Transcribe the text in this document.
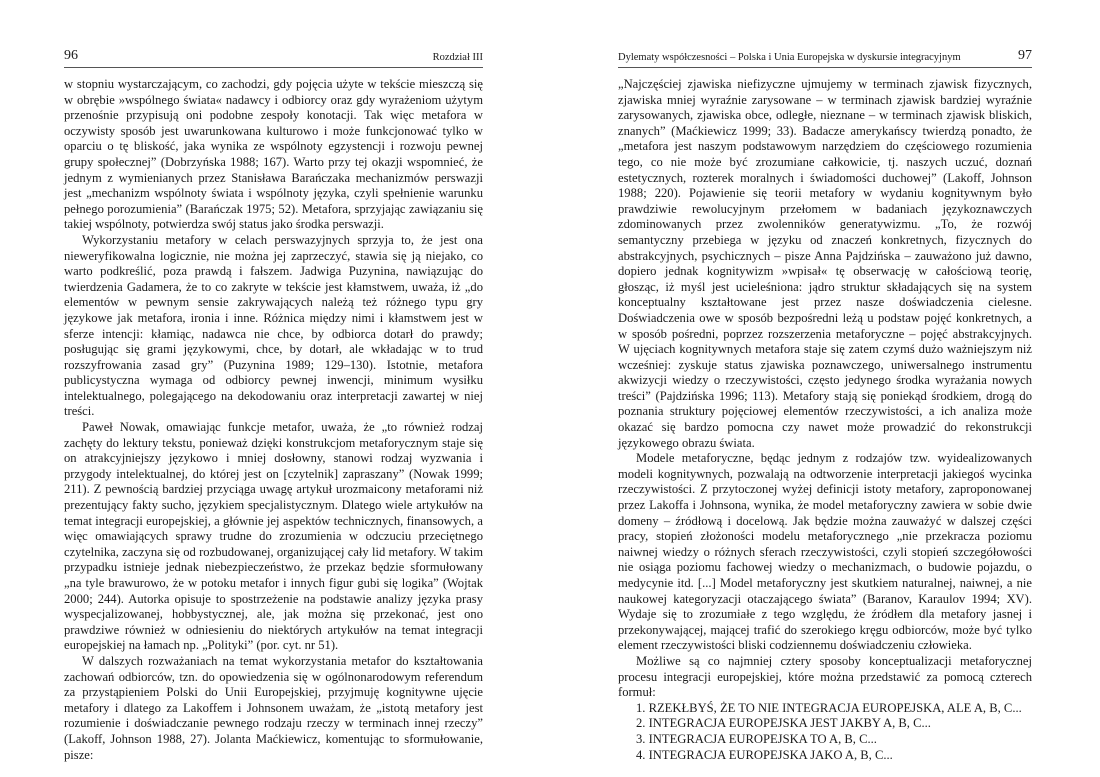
96	Rozdział III

w stopniu wystarczającym, co zachodzi, gdy pojęcia użyte w tekście mieszczą się w obrębie »wspólnego świata« nadawcy i odbiorcy oraz gdy wyrażeniom użytym przenośnie przypisują oni podobne zespoły konotacji. Tak więc metafora w oczywisty sposób jest uwarunkowana kulturowo i może funkcjonować tylko w oparciu o tę bliskość, jaka wynika ze wspólnoty egzystencji i rozwoju pewnej grupy społecznej” (Dobrzyńska 1988; 167). Warto przy tej okazji wspomnieć, że jednym z wymienianych przez Stanisława Barańczaka mechanizmów perswazji jest „mechanizm wspólnoty świata i wspólnoty języka, czyli spełnienie warunku pełnego porozumienia” (Barańczak 1975; 52). Metafora, sprzyjając zawiązaniu się takiej wspólnoty, potwierdza swój status jako środka perswazji.

Wykorzystaniu metafory w celach perswazyjnych sprzyja to, że jest ona nieweryfikowalna logicznie, nie można jej zaprzeczyć, stawia się ją niejako, co warto podkreślić, poza prawdą i fałszem. Jadwiga Puzynina, nawiązując do twierdzenia Gadamera, że to co zakryte w tekście jest kłamstwem, uważa, iż „do elementów w pewnym sensie zakrywających należą też różnego typu gry językowe jak metafora, ironia i inne. Różnica między nimi i kłamstwem jest w sferze intencji: kłamiąc, nadawca nie chce, by odbiorca dotarł do prawdy; posługując się grami językowymi, chce, by dotarł, ale wkładając w to trud rozszyfrowania zasad gry” (Puzynina 1989; 129–130). Istotnie, metafora publicystyczna wymaga od odbiorcy pewnej inwencji, minimum wysiłku intelektualnego, polegającego na dekodowaniu oraz interpretacji zawartej w niej treści.

Paweł Nowak, omawiając funkcje metafor, uważa, że „to również rodzaj zachęty do lektury tekstu, ponieważ dzięki konstrukcjom metaforycznym staje się on atrakcyjniejszy językowo i mniej dosłowny, stanowi rodzaj wyzwania i przygody intelektualnej, do której jest on [czytelnik] zapraszany” (Nowak 1999; 211). Z pewnością bardziej przyciąga uwagę artykuł urozmaicony metaforami niż prezentujący fakty sucho, językiem specjalistycznym. Dlatego wiele artykułów na temat integracji europejskiej, a głównie jej aspektów technicznych, finansowych, a więc omawiających sprawy trudne do zrozumienia w odczuciu przeciętnego czytelnika, zaczyna się od rozbudowanej, organizującej cały lid metafory. W takim przypadku istnieje jednak niebezpieczeństwo, że przekaz będzie sformułowany „na tyle brawurowo, że w potoku metafor i innych figur gubi się logika” (Wojtak 2000; 244). Autorka opisuje to spostrzeżenie na podstawie analizy języka prasy wyspecjalizowanej, hobbystycznej, ale, jak można się przekonać, jest ono prawdziwe również w odniesieniu do niektórych artykułów na temat integracji europejskiej na łamach np. „Polityki” (por. cyt. nr 51).

W dalszych rozważaniach na temat wykorzystania metafor do kształtowania zachowań odbiorców, tzn. do opowiedzenia się w ogólnonarodowym referendum za przystąpieniem Polski do Unii Europejskiej, przyjmuję kognitywne ujęcie metafory i dlatego za Lakoffem i Johnsonem uważam, że „istotą metafory jest rozumienie i doświadczanie pewnego rodzaju rzeczy w terminach innej rzeczy” (Lakoff, Johnson 1988, 27). Jolanta Maćkiewicz, komentując to sformułowanie, pisze:

Dylematy współczesności – Polska i Unia Europejska w dyskursie integracyjnym	97

„Najczęściej zjawiska niefizyczne ujmujemy w terminach zjawisk fizycznych, zjawiska mniej wyraźnie zarysowane – w terminach zjawisk bardziej wyraźnie zarysowanych, zjawiska obce, odległe, nieznane – w terminach zjawisk bliskich, znanych” (Maćkiewicz 1999; 33). Badacze amerykańscy twierdzą ponadto, że „metafora jest naszym podstawowym narzędziem do częściowego rozumienia tego, co nie może być zrozumiane całkowicie, tj. naszych uczuć, doznań estetycznych, rozterek moralnych i świadomości duchowej” (Lakoff, Johnson 1988; 220). Pojawienie się teorii metafory w wydaniu kognitywnym było prawdziwie rewolucyjnym przełomem w badaniach językoznawczych zdominowanych przez zwolenników generatywizmu. „To, że rozwój semantyczny przebiega w języku od znaczeń konkretnych, fizycznych do abstrakcyjnych, psychicznych – pisze Anna Pajdzińska – zauważono już dawno, dopiero jednak kognitywizm »wpisał« tę obserwację w całościową teorię, głosząc, iż myśl jest ucieleśniona: jądro struktur składających się na system konceptualny kształtowane jest przez nasze doświadczenia cielesne. Doświadczenia owe w sposób bezpośredni leżą u podstaw pojęć konkretnych, a w sposób pośredni, poprzez rozszerzenia metaforyczne – pojęć abstrakcyjnych. W ujęciach kognitywnych metafora staje się zatem czymś dużo ważniejszym niż wcześniej: zyskuje status zjawiska poznawczego, uniwersalnego instrumentu akwizycji wiedzy o rzeczywistości, często jedynego środka wyrażania nowych treści” (Pajdzińska 1996; 113). Metafory stają się poniekąd środkiem, drogą do poznania struktury pojęciowej elementów rzeczywistości, a ich analiza może okazać się bardzo pomocna czy nawet może prowadzić do rekonstrukcji językowego obrazu świata.

Modele metaforyczne, będąc jednym z rodzajów tzw. wyidealizowanych modeli kognitywnych, pozwalają na odtworzenie interpretacji jakiegoś wycinka rzeczywistości. Z przytoczonej wyżej definicji istoty metafory, zaproponowanej przez Lakoffa i Johnsona, wynika, że model metaforyczny zawiera w sobie dwie domeny – źródłową i docelową. Jak będzie można zauważyć w dalszej części pracy, stopień złożoności modelu metaforycznego „nie przekracza poziomu naiwnej wiedzy o różnych sferach rzeczywistości, czyli stopień szczegółowości nie osiąga poziomu fachowej wiedzy o mechanizmach, o budowie pojazdu, o medycynie itd. [...] Model metaforyczny jest skutkiem naturalnej, naiwnej, a nie naukowej kategoryzacji otaczającego świata” (Baranov, Karaulov 1994; XV). Wydaje się to zrozumiałe z tego względu, że źródłem dla metafory jasnej i przekonywającej, mającej trafić do szerokiego kręgu odbiorców, może być tylko element rzeczywistości bliski codziennemu doświadczeniu człowieka.

Możliwe są co najmniej cztery sposoby konceptualizacji metaforycznej procesu integracji europejskiej, które można przedstawić za pomocą czterech formuł:

1. RZEKŁBYŚ, ŻE TO NIE INTEGRACJA EUROPEJSKA, ALE A, B, C...
2. INTEGRACJA EUROPEJSKA JEST JAKBY A, B, C...
3. INTEGRACJA EUROPEJSKA TO A, B, C...
4. INTEGRACJA EUROPEJSKA JAKO A, B, C...
